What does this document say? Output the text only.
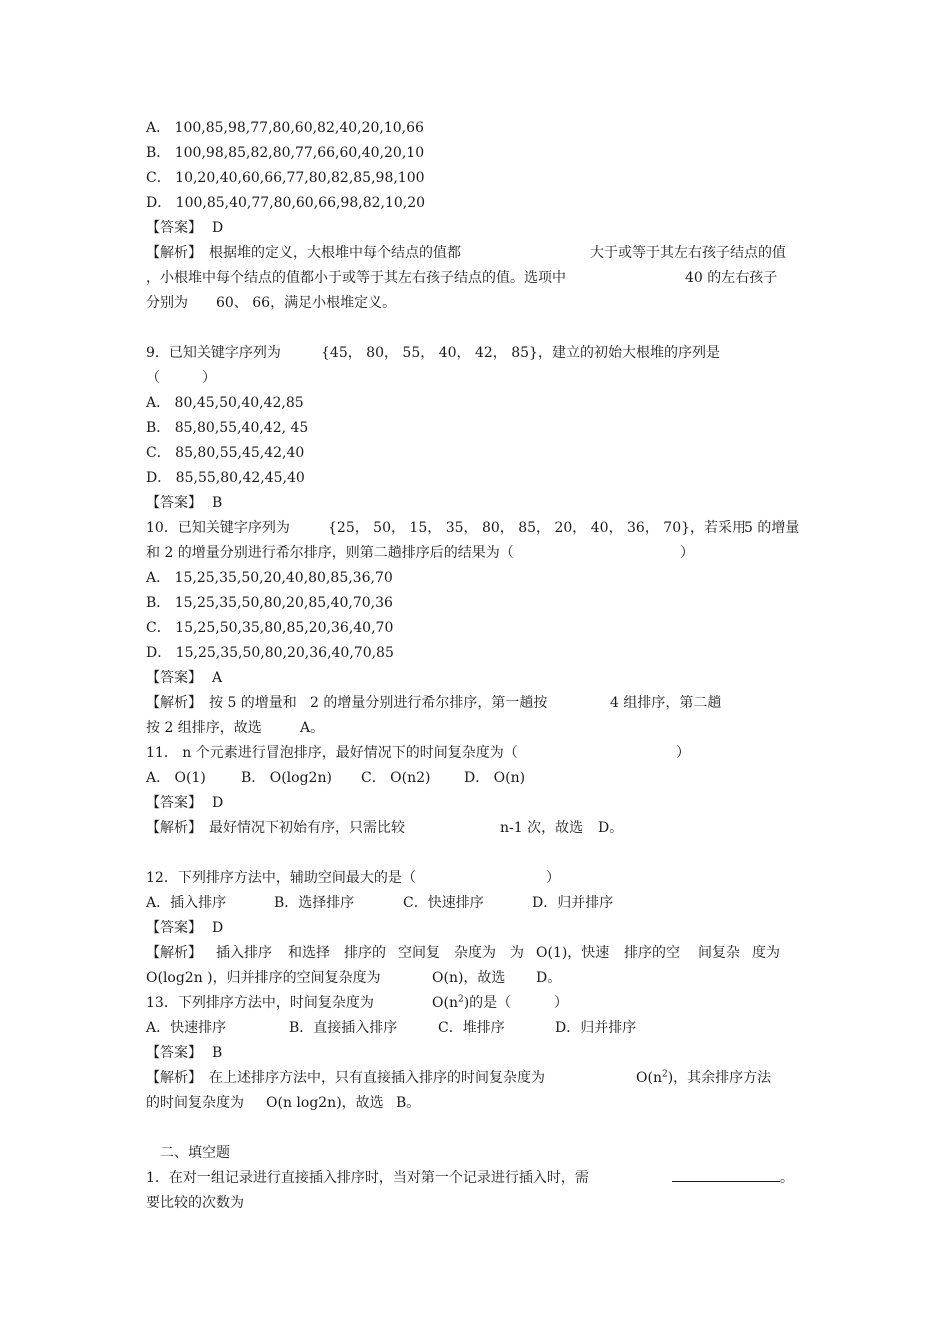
A． 100,85,98,77,80,60,82,40,20,10,66
B． 100,98,85,82,80,77,66,60,40,20,10
C． 10,20,40,60,66,77,80,82,85,98,100
D． 100,85,40,77,80,60,66,98,82,10,20

【答案】

D

【解析】　根据堆的定义，大根堆中每个结点的值都

	大于或等于其左右孩子结点的值

，小根堆中每个结点的值都小于或等于其左右孩子结点的值。选项中

	40 的左右孩子

分别为

60、 66，满足小根堆定义。

9．已知关键字序列为

	{45， 80， 55， 40， 42， 85}，建立的初始大根堆的序列是

（　　　）
A． 80,45,50,40,42,85
B． 85,80,55,40,42, 45
C． 85,80,55,45,42,40
D． 85,55,80,42,45,40

【答案】

B

10．已知关键字序列为

	{25， 50， 15， 35， 80， 85， 20， 40， 36， 70}，若采用

5 的增量

和 2 的增量分别进行希尔排序，则第二趟排序后的结果为（

	）

A． 15,25,35,50,20,40,80,85,36,70
B． 15,25,35,50,80,20,85,40,70,36
C． 15,25,50,35,80,85,20,36,40,70
D． 15,25,35,50,80,20,36,40,70,85

【答案】

A

【解析】　按 5 的增量和

2 的增量分别进行希尔排序，第一趟按

	4 组排序，第二趟

按 2 组排序，故选

	A。

11． n 个元素进行冒泡排序，最好情况下的时间复杂度为（

	）

A． O(1)

	B． O(log2n)

C． O(n2)

D． O(n)

【答案】

D

【解析】　最好情况下初始有序，只需比较

	n-1 次，故选

D。

12．下列排序方法中，辅助空间最大的是（

	）

A．插入排序

	B．选择排序

	C．快速排序

	D．归并排序

【答案】

D

【解析】

插入排序

和选择

排序的

空间复

杂度为

为

O(1)，快速

排序的空

间复杂

度为

O(log2n )，归并排序的空间复杂度为

	O(n)，故选

D。

13．下列排序方法中，时间复杂度为

	$O(n^2)$的是（

	）

A．快速排序　

	B．直接插入排序

	C．堆排序

	D．归并排序　

【答案】

B

【解析】　在上述排序方法中，只有直接插入排序的时间复杂度为

	$O(n^2)$，其余排序方法

的时间复杂度为

O(n log2n)，故选

B。

二、填空题

1．在对一组记录进行直接插入排序时，当对第一个记录进行插入时，需

	。

要比较的次数为
